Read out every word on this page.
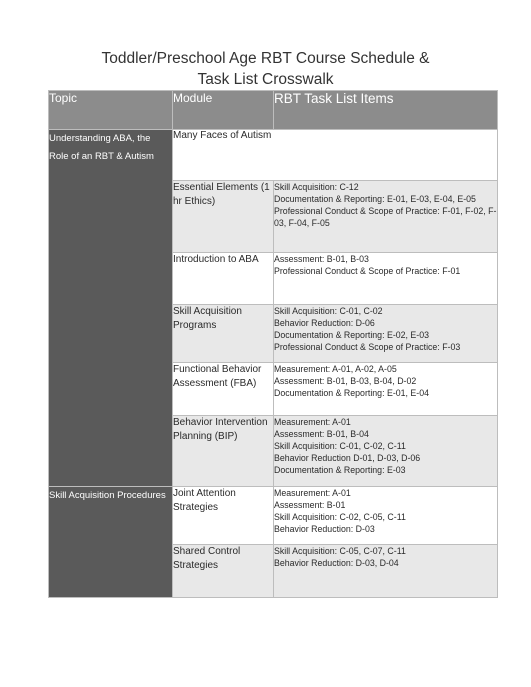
Toddler/Preschool Age RBT Course Schedule &
Task List Crosswalk
Topic	Module	RBT Task List Items
Understanding ABA, the Role of an RBT & Autism	Many Faces of Autism	
	Essential Elements (1 hr Ethics)	Skill Acquisition: C-12
Documentation & Reporting: E-01, E-03, E-04, E-05
Professional Conduct & Scope of Practice: F-01, F-02, F-03, F-04, F-05

	Introduction to ABA	Assessment: B-01, B-03
Professional Conduct & Scope of Practice: F-01

	Skill Acquisition Programs	Skill Acquisition: C-01, C-02
Behavior Reduction: D-06
Documentation & Reporting: E-02, E-03
Professional Conduct & Scope of Practice: F-03

	Functional Behavior Assessment (FBA)	Measurement: A-01, A-02, A-05
Assessment: B-01, B-03, B-04, D-02
Documentation & Reporting: E-01, E-04

	Behavior Intervention Planning (BIP)	Measurement: A-01
Assessment: B-01, B-04
Skill Acquisition: C-01, C-02, C-11
Behavior Reduction D-01, D-03, D-06
Documentation & Reporting: E-03

Skill Acquisition Procedures	Joint Attention Strategies	Measurement: A-01
Assessment: B-01
Skill Acquisition: C-02, C-05, C-11
Behavior Reduction: D-03

	Shared Control Strategies	Skill Acquisition: C-05, C-07, C-11
Behavior Reduction: D-03, D-04
